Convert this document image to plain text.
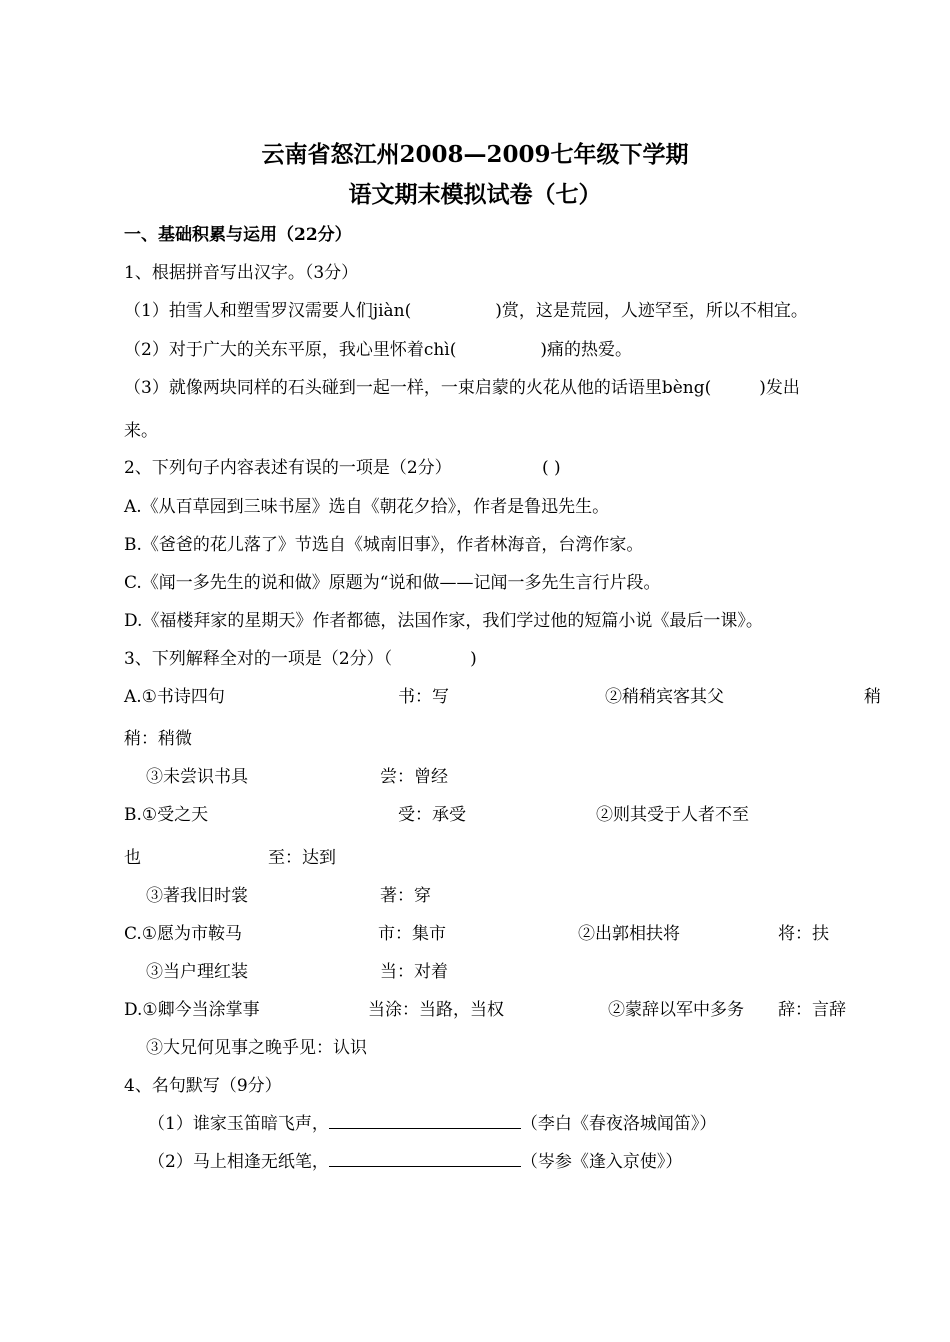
云南省怒江州2008—2009七年级下学期
语文期末模拟试卷（七）
一、基础积累与运用（22分）
1、根据拼音写出汉字。（3分）
（1）拍雪人和塑雪罗汉需要人们jiàn(	)赏，这是荒园，人迹罕至，所以不相宜。
（2）对于广大的关东平原，我心里怀着chì(	)痛的热爱。
（3）就像两块同样的石头碰到一起一样，一束启蒙的火花从他的话语里bèng(	)发出
来。
2、下列句子内容表述有误的一项是（2分）	( )
A.《从百草园到三味书屋》选自《朝花夕拾》，作者是鲁迅先生。
B.《爸爸的花儿落了》节选自《城南旧事》，作者林海音，台湾作家。
C.《闻一多先生的说和做》原题为“说和做——记闻一多先生言行片段。
D.《福楼拜家的星期天》作者都德，法国作家，我们学过他的短篇小说《最后一课》。
3、下列解释全对的一项是（2分）（	)
A.①书诗四句	书：写	②稍稍宾客其父	稍
稍：稍微
③未尝识书具	尝：曾经
B.①受之天	受：承受	②则其受于人者不至
也	至：达到
③著我旧时裳	著：穿
C.①愿为市鞍马	市：集市	②出郭相扶将	将：扶
③当户理红装	当：对着
D.①卿今当涂掌事	当涂：当路，当权	②蒙辞以军中多务 辞：言辞
③大兄何见事之晚乎见：认识
4、名句默写（9分）
（1）谁家玉笛暗飞声，	（李白《春夜洛城闻笛》）
（2）马上相逢无纸笔，	（岑参《逢入京使》）
